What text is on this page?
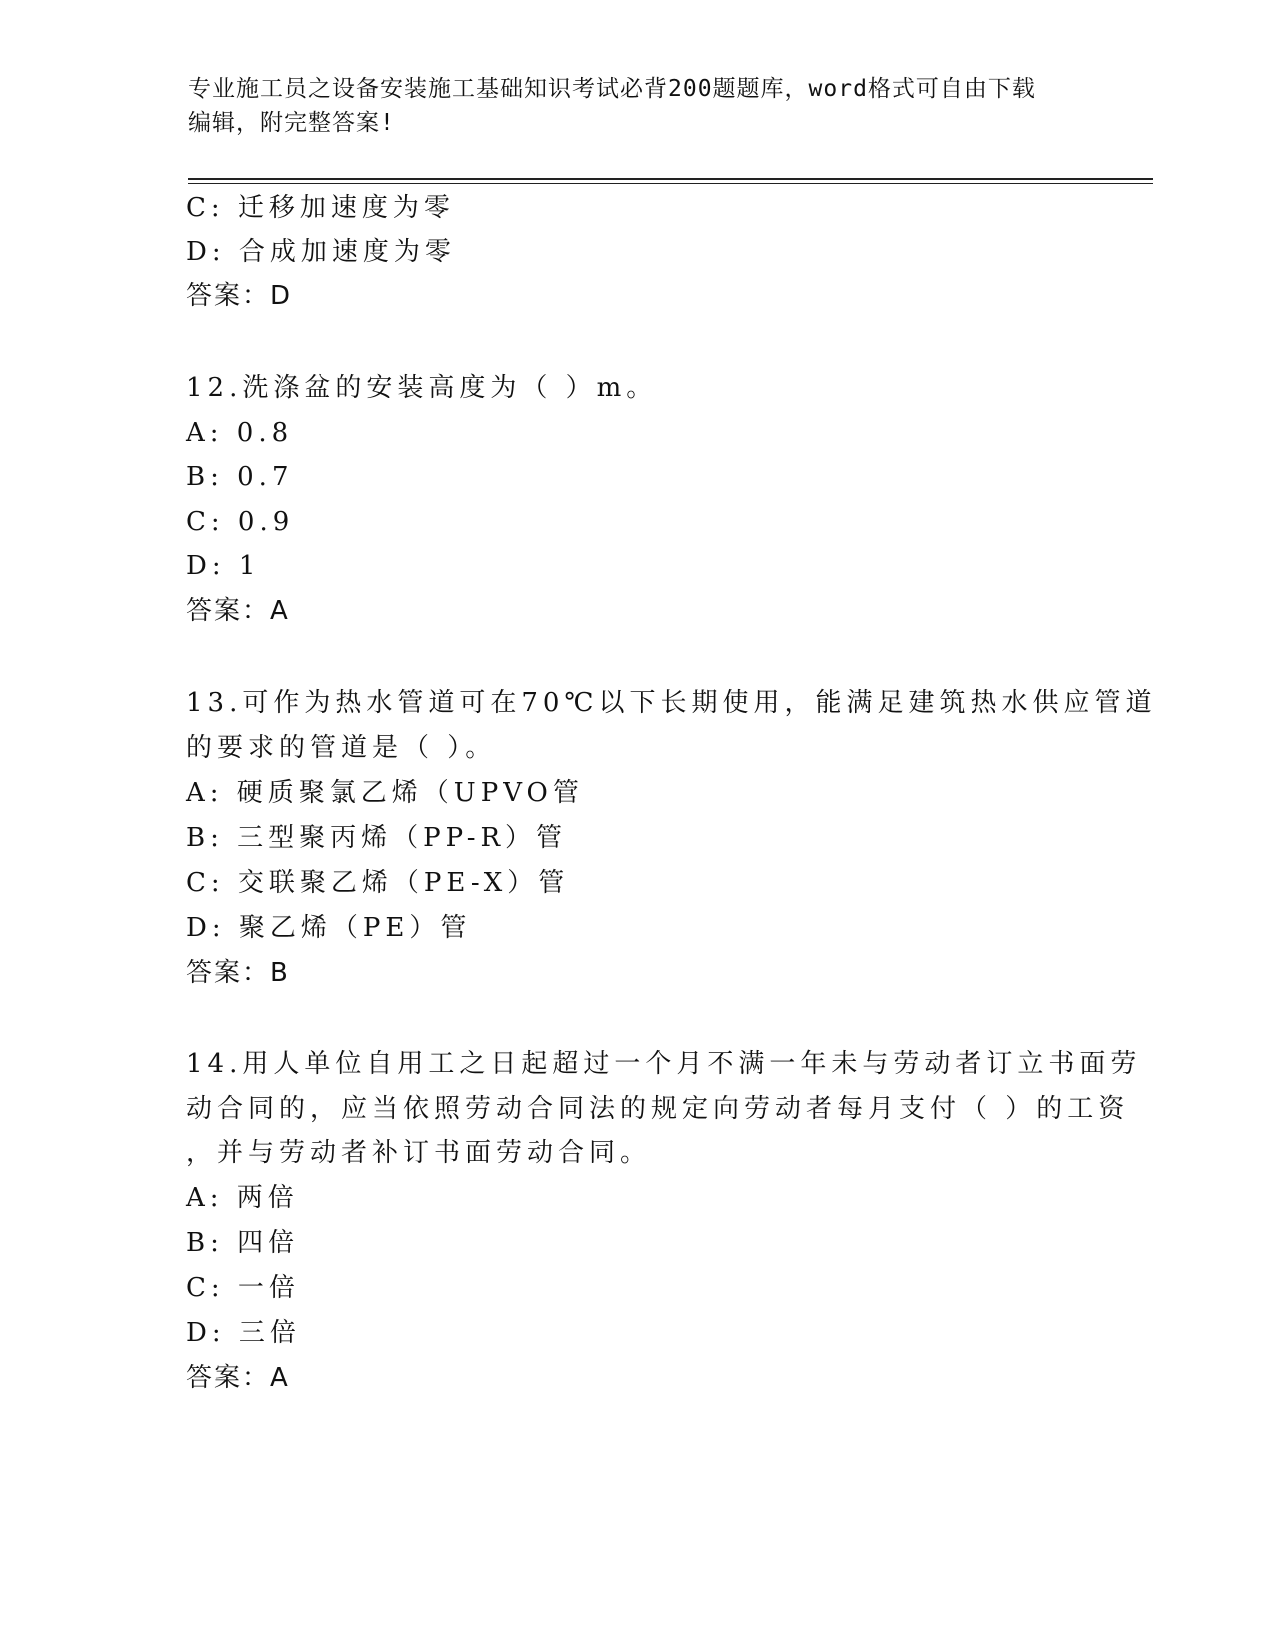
专业施工员之设备安装施工基础知识考试必背200题题库，word格式可自由下载
编辑，附完整答案!
C: 迁移加速度为零
D: 合成加速度为零
答案：D
12.洗涤盆的安装高度为（ ）m。
A: 0.8
B: 0.7
C: 0.9
D: 1
答案：A
13.可作为热水管道可在70℃以下长期使用，能满足建筑热水供应管道
的要求的管道是（ ）。
A: 硬质聚氯乙烯（UPVO管
B: 三型聚丙烯（PP-R）管
C: 交联聚乙烯（PE-X）管
D: 聚乙烯（PE）管
答案：B
14.用人单位自用工之日起超过一个月不满一年未与劳动者订立书面劳
动合同的，应当依照劳动合同法的规定向劳动者每月支付（ ）的工资
，并与劳动者补订书面劳动合同。
A: 两倍
B: 四倍
C: 一倍
D: 三倍
答案：A
